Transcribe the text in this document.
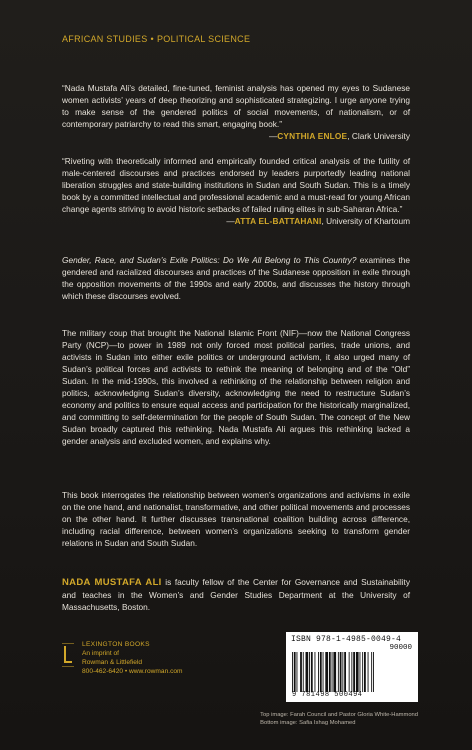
AFRICAN STUDIES • POLITICAL SCIENCE
“Nada Mustafa Ali’s detailed, fine-tuned, feminist analysis has opened my eyes to Sudanese women activists’ years of deep theorizing and sophisticated strategizing. I urge anyone trying to make sense of the gendered politics of social movements, of nationalism, or of contemporary patriarchy to read this smart, engaging book.”
—CYNTHIA ENLOE, Clark University
“Riveting with theoretically informed and empirically founded critical analysis of the futility of male-centered discourses and practices endorsed by leaders purportedly leading national liberation struggles and state-building institutions in Sudan and South Sudan. This is a timely book by a committed intellectual and professional academic and a must-read for young African change agents striving to avoid historic setbacks of failed ruling elites in sub-Saharan Africa.”
—ATTA EL-BATTAHANI, University of Khartoum
Gender, Race, and Sudan’s Exile Politics: Do We All Belong to This Country? examines the gendered and racialized discourses and practices of the Sudanese opposition in exile through the opposition movements of the 1990s and early 2000s, and discusses the history through which these discourses evolved.
The military coup that brought the National Islamic Front (NIF)—now the National Congress Party (NCP)—to power in 1989 not only forced most political parties, trade unions, and activists in Sudan into either exile politics or underground activism, it also urged many of Sudan’s political forces and activists to rethink the meaning of belonging and of the “Old” Sudan. In the mid-1990s, this involved a rethinking of the relationship between religion and politics, acknowledging Sudan’s diversity, acknowledging the need to restructure Sudan’s economy and politics to ensure equal access and participation for the historically marginalized, and committing to self-determination for the people of South Sudan. The concept of the New Sudan broadly captured this rethinking. Nada Mustafa Ali argues this rethinking lacked a gender analysis and excluded women, and explains why.
This book interrogates the relationship between women’s organizations and activisms in exile on the one hand, and nationalist, transformative, and other political movements and processes on the other hand. It further discusses transnational coalition building across difference, including racial difference, between women’s organizations seeking to transform gender relations in Sudan and South Sudan.
NADA MUSTAFA ALI is faculty fellow of the Center for Governance and Sustainability and teaches in the Women’s and Gender Studies Department at the University of Massachusetts, Boston.
LEXINGTON BOOKS
An imprint of
Rowman & Littlefield
800-462-6420 • www.rowman.com
ISBN 978-1-4985-0049-4
90000
9 781498 500494
Top image: Farah Council and Pastor Gloria White-Hammond
Bottom image: Safia Ishag Mohamed
